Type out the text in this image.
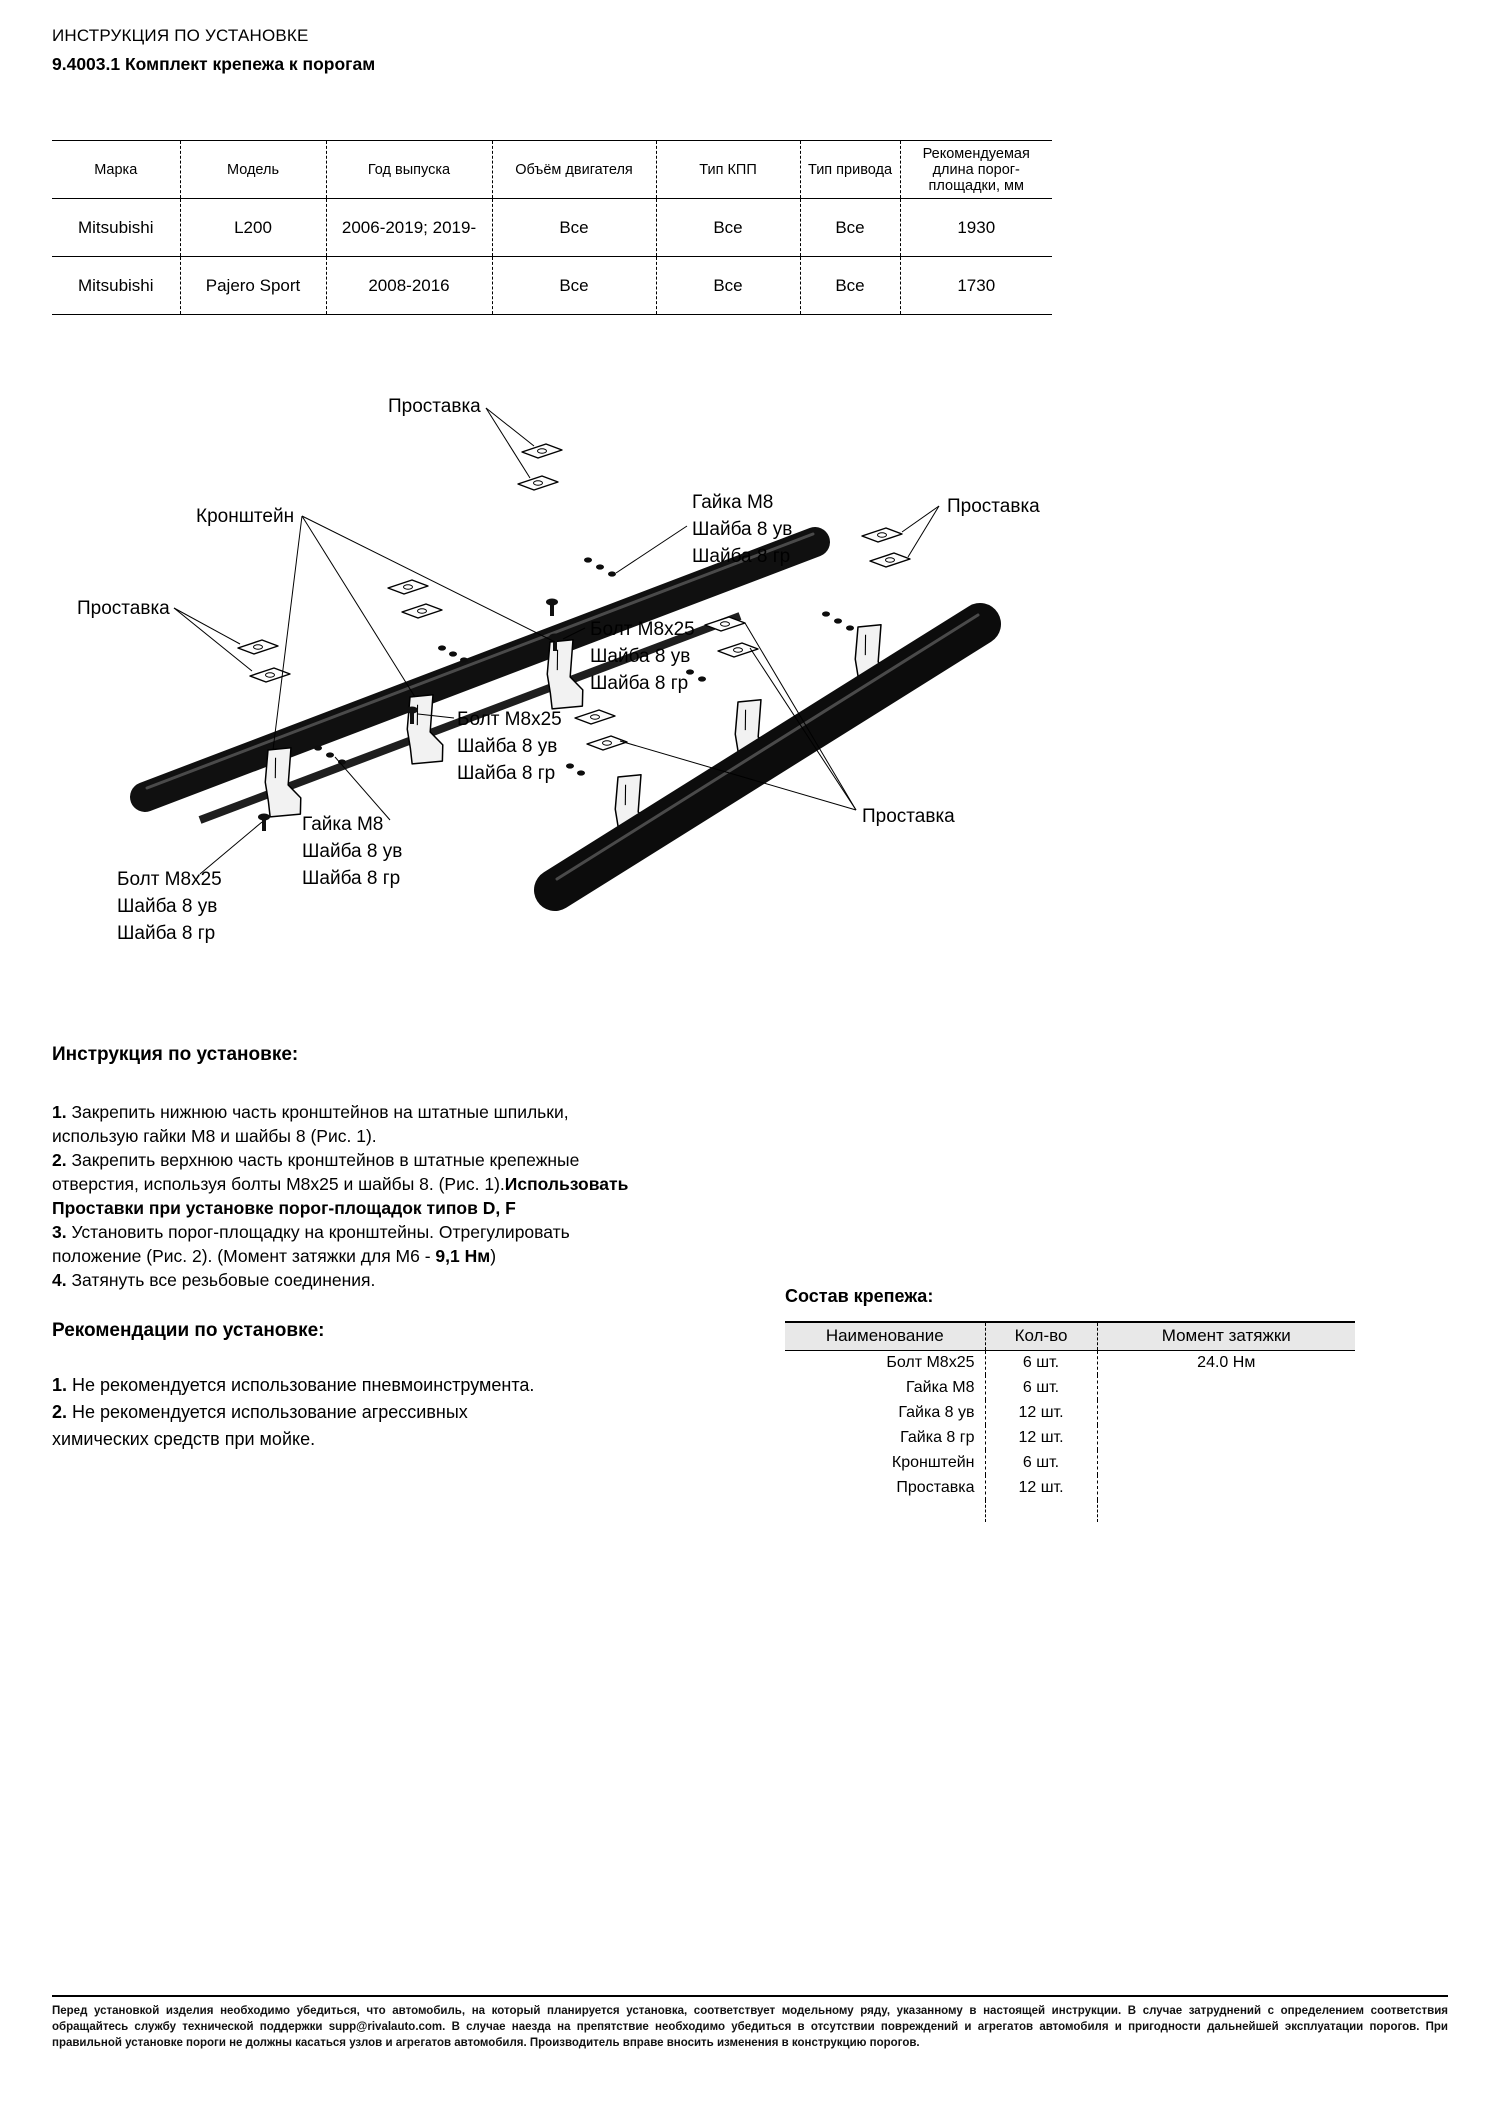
ИНСТРУКЦИЯ ПО УСТАНОВКЕ
9.4003.1 Комплект крепежа к порогам
Марка	Модель	Год выпуска	Объём двигателя	Тип КПП	Тип привода	Рекомендуемая длина порог-площадки, мм
Mitsubishi	L200	2006-2019; 2019-	Все	Все	Все	1930
Mitsubishi	Pajero Sport	2008-2016	Все	Все	Все	1730
Проставка
Кронштейн
Гайка М8
Шайба 8 ув
Шайба 8 гр
Проставка
Проставка
Болт М8х25
Шайба 8 ув
Шайба 8 гр
Болт М8х25
Шайба 8 ув
Шайба 8 гр
Гайка М8
Шайба 8 ув
Шайба 8 гр
Болт М8х25
Шайба 8 ув
Шайба 8 гр
Проставка
Инструкция по установке:

1. Закрепить нижнюю часть кронштейнов на штатные шпильки, использую гайки М8 и шайбы 8 (Рис. 1).

2. Закрепить верхнюю часть кронштейнов в штатные крепежные отверстия, используя болты М8х25 и шайбы 8. (Рис. 1).Использовать Проставки при установке порог-площадок типов D, F

3. Установить порог-площадку на кронштейны. Отрегулировать положение (Рис. 2). (Момент затяжки для М6 - 9,1 Нм)

4. Затянуть все резьбовые соединения.

Рекомендации по установке:

1. Не рекомендуется использование пневмоинструмента.

2. Не рекомендуется использование агрессивных химических средств при мойке.

Состав крепежа:
Наименование	Кол-во	Момент затяжки
Болт М8х25	6 шт.	24.0 Нм
Гайка М8	6 шт.	
Гайка 8 ув	12 шт.	
Гайка 8 гр	12 шт.	
Кронштейн	6 шт.	
Проставка	12 шт.	

Перед установкой изделия необходимо убедиться, что автомобиль, на который планируется установка, соответствует модельному ряду, указанному в настоящей инструкции. В случае затруднений с определением соответствия обращайтесь службу технической поддержки supp@rivalauto.com. В случае наезда на препятствие необходимо убедиться в отсутствии повреждений и агрегатов автомобиля и пригодности дальнейшей эксплуатации порогов. При правильной установке пороги не должны касаться узлов и агрегатов автомобиля. Производитель вправе вносить изменения в конструкцию порогов.
